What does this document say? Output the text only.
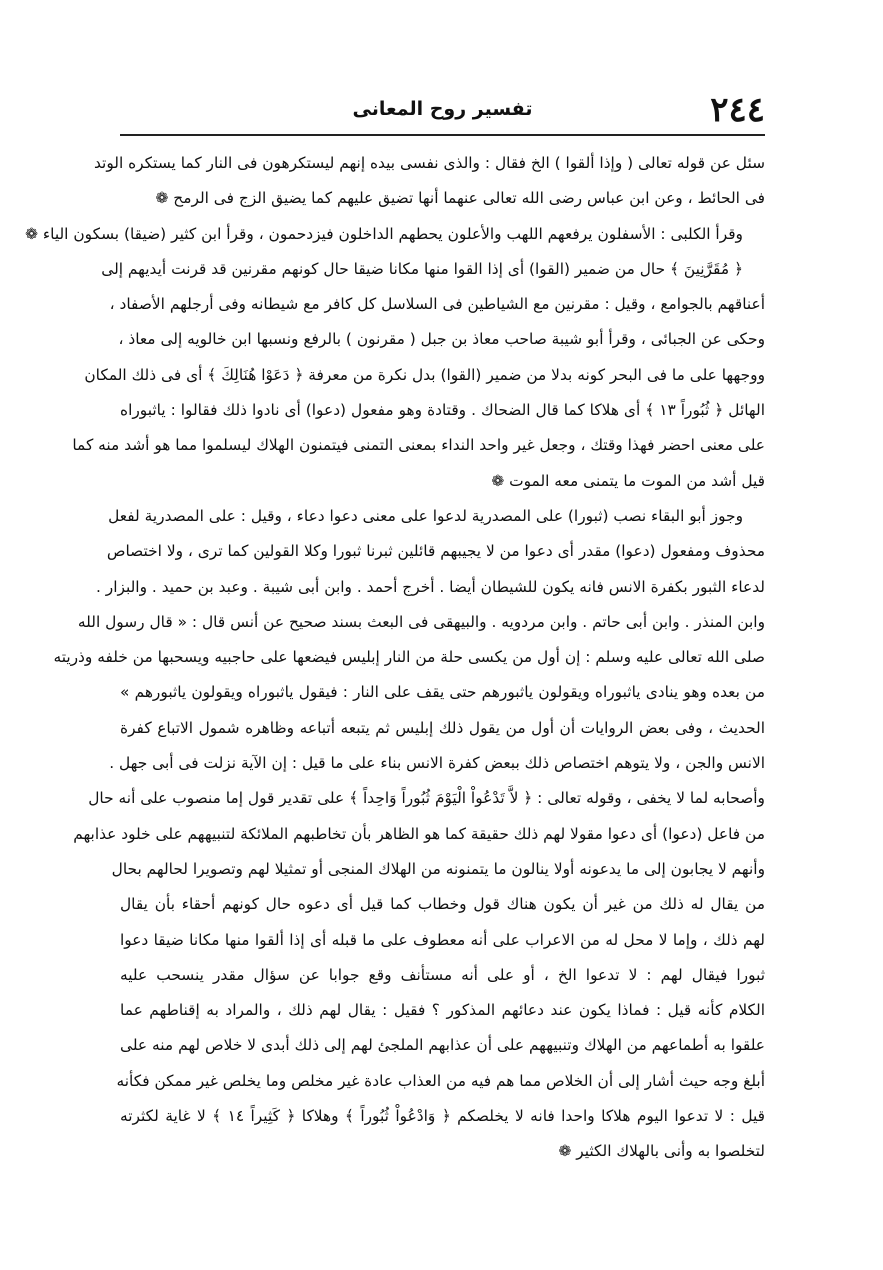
٢٤٤
تفسير روح المعانى
سئل عن قوله تعالى ( وإذا ألقوا ) الخ فقال : والذى نفسى بيده إنهم ليستكرهون فى النار كما يستكره الوتد
فى الحائط ، وعن ابن عباس رضى الله تعالى عنهما أنها تضيق عليهم كما يضيق الزج فى الرمح ❁
وقرأ الكلبى : الأسفلون يرفعهم اللهب والأعلون يحطهم الداخلون فيزدحمون ، وقرأ ابن كثير (ضيقا) بسكون الياء ❁
﴿ مُقَرَّنِينَ ﴾ حال من ضمير (القوا) أى إذا القوا منها مكانا ضيقا حال كونهم مقرنين قد قرنت أيديهم إلى
أعناقهم بالجوامع ، وقيل : مقرنين مع الشياطين فى السلاسل كل كافر مع شيطانه وفى أرجلهم الأصفاد ،
وحكى عن الجبائى ، وقرأ أبو شيبة صاحب معاذ بن جبل ( مقرنون ) بالرفع ونسبها ابن خالويه إلى معاذ ،
ووجهها على ما فى البحر كونه بدلا من ضمير (القوا) بدل نكرة من معرفة ﴿ دَعَوْا هُنَالِكَ ﴾ أى فى ذلك المكان
الهائل ﴿ ثُبُوراً ١٣ ﴾ أى هلاكا كما قال الضحاك . وقتادة وهو مفعول (دعوا) أى نادوا ذلك فقالوا : ياثبوراه
على معنى احضر فهذا وقتك ، وجعل غير واحد النداء بمعنى التمنى فيتمنون الهلاك ليسلموا مما هو أشد منه كما
قيل أشد من الموت ما يتمنى معه الموت ❁
وجوز أبو البقاء نصب (ثبورا) على المصدرية لدعوا على معنى دعوا دعاء ، وقيل : على المصدرية لفعل
محذوف ومفعول (دعوا) مقدر أى دعوا من لا يجيبهم قائلين ثبرنا ثبورا وكلا القولين كما ترى ، ولا اختصاص
لدعاء الثبور بكفرة الانس فانه يكون للشيطان أيضا . أخرج أحمد . وابن أبى شيبة . وعبد بن حميد . والبزار .
وابن المنذر . وابن أبى حاتم . وابن مردويه . والبيهقى فى البعث بسند صحيح عن أنس قال : « قال رسول الله
صلى الله تعالى عليه وسلم : إن أول من يكسى حلة من النار إبليس فيضعها على حاجبيه ويسحبها من خلفه وذريته
من بعده وهو ينادى ياثبوراه ويقولون ياثبورهم حتى يقف على النار : فيقول ياثبوراه ويقولون ياثبورهم »
الحديث ، وفى بعض الروايات أن أول من يقول ذلك إبليس ثم يتبعه أتباعه وظاهره شمول الاتباع كفرة
الانس والجن ، ولا يتوهم اختصاص ذلك ببعض كفرة الانس بناء على ما قيل : إن الآية نزلت فى أبى جهل .
وأصحابه لما لا يخفى ، وقوله تعالى : ﴿ لاَّ تَدْعُواْ الْيَوْمَ ثُبُوراً وَاحِداً ﴾ على تقدير قول إما منصوب على أنه حال
من فاعل (دعوا) أى دعوا مقولا لهم ذلك حقيقة كما هو الظاهر بأن تخاطبهم الملائكة لتنبيههم على خلود عذابهم
وأنهم لا يجابون إلى ما يدعونه أولا ينالون ما يتمنونه من الهلاك المنجى أو تمثيلا لهم وتصويرا لحالهم بحال
من يقال له ذلك من غير أن يكون هناك قول وخطاب كما قيل أى دعوه حال كونهم أحقاء بأن يقال
لهم ذلك ، وإما لا محل له من الاعراب على أنه معطوف على ما قبله أى إذا ألقوا منها مكانا ضيقا دعوا
ثبورا فيقال لهم : لا تدعوا الخ ، أو على أنه مستأنف وقع جوابا عن سؤال مقدر ينسحب عليه
الكلام كأنه قيل : فماذا يكون عند دعائهم المذكور ؟ فقيل : يقال لهم ذلك ، والمراد به إقناطهم عما
علقوا به أطماعهم من الهلاك وتنبيههم على أن عذابهم الملجئ لهم إلى ذلك أبدى لا خلاص لهم منه على
أبلغ وجه حيث أشار إلى أن الخلاص مما هم فيه من العذاب عادة غير مخلص وما يخلص غير ممكن فكأنه
قيل : لا تدعوا اليوم هلاكا واحدا فانه لا يخلصكم ﴿ وَادْعُواْ ثُبُوراً ﴾ وهلاكا ﴿ كَثِيراً ١٤ ﴾ لا غاية لكثرته
لتخلصوا به وأنى بالهلاك الكثير ❁
